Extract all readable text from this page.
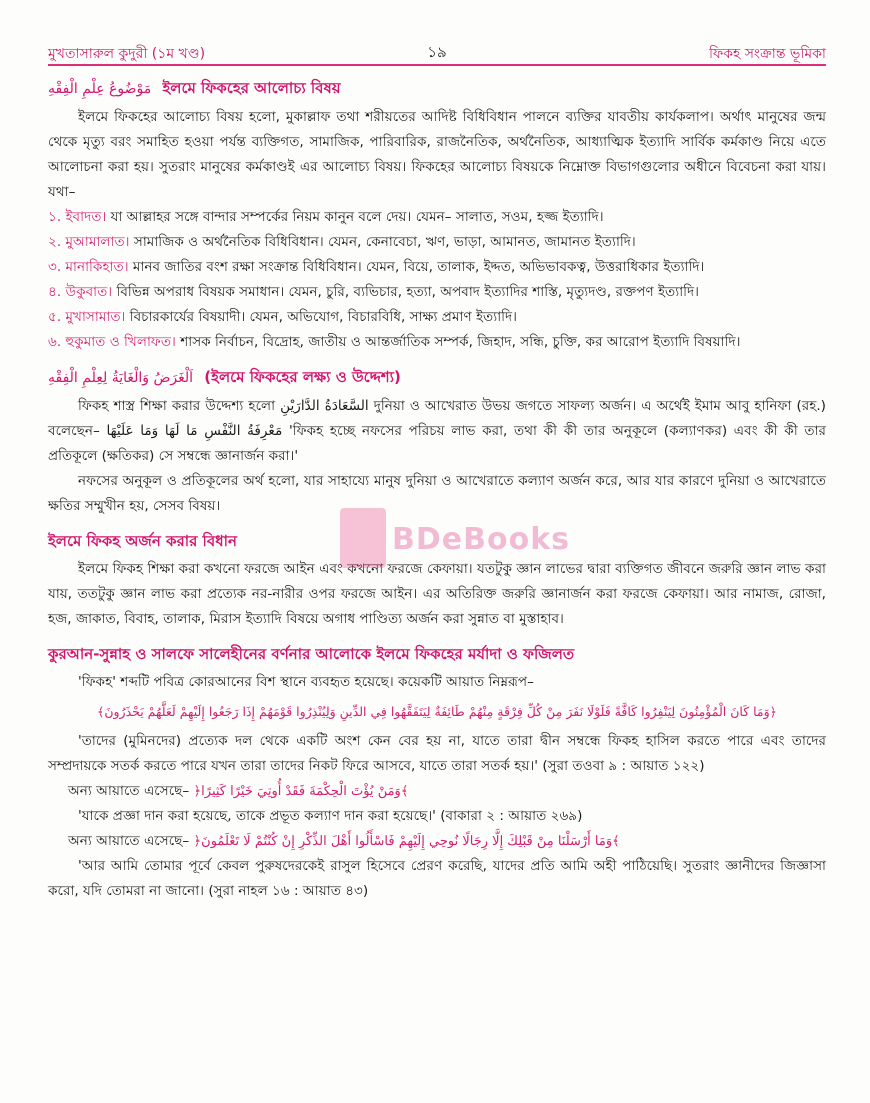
মুখতাসারুল কুদুরী (১ম খণ্ড)	১৯	ফিকহ সংক্রান্ত ভূমিকা
مَوْضُوعُ عِلْمِ الْفِقْهِ ইলমে ফিকহের আলোচ্য বিষয়

ইলমে ফিকহের আলোচ্য বিষয় হলো, মুকাল্লাফ তথা শরীয়তের আদিষ্ট বিধিবিধান পালনে ব্যক্তির যাবতীয় কার্যকলাপ। অর্থাৎ মানুষের জন্ম থেকে মৃত্যু বরং সমাহিত হওয়া পর্যন্ত ব্যক্তিগত, সামাজিক, পারিবারিক, রাজনৈতিক, অর্থনৈতিক, আধ্যাত্মিক ইত্যাদি সার্বিক কর্মকাণ্ড নিয়ে এতে আলোচনা করা হয়। সুতরাং মানুষের কর্মকাণ্ডই এর আলোচ্য বিষয়। ফিকহের আলোচ্য বিষয়কে নিম্নোক্ত বিভাগগুলোর অধীনে বিবেচনা করা যায়। যথা–

১. ইবাদত। যা আল্লাহর সঙ্গে বান্দার সম্পর্কের নিয়ম কানুন বলে দেয়। যেমন– সালাত, সওম, হজ্জ ইত্যাদি।
২. মুআমালাত। সামাজিক ও অর্থনৈতিক বিধিবিধান। যেমন, কেনাবেচা, ঋণ, ভাড়া, আমানত, জামানত ইত্যাদি।
৩. মানাকিহাত। মানব জাতির বংশ রক্ষা সংক্রান্ত বিধিবিধান। যেমন, বিয়ে, তালাক, ইদ্দত, অভিভাবকত্ব, উত্তরাধিকার ইত্যাদি।
৪. উকুবাত। বিভিন্ন অপরাধ বিষয়ক সমাধান। যেমন, চুরি, ব্যভিচার, হত্যা, অপবাদ ইত্যাদির শাস্তি, মৃত্যুদণ্ড, রক্তপণ ইত্যাদি।
৫. মুখাসামাত। বিচারকার্যের বিষয়াদী। যেমন, অভিযোগ, বিচারবিধি, সাক্ষ্য প্রমাণ ইত্যাদি।
৬. হুকুমাত ও খিলাফত। শাসক নির্বাচন, বিদ্রোহ, জাতীয় ও আন্তর্জাতিক সম্পর্ক, জিহাদ, সন্ধি, চুক্তি, কর আরোপ ইত্যাদি বিষয়াদি।
اَلْغَرَضُ وَالْغَايَةُ لِعِلْمِ الْفِقْهِ (ইলমে ফিকহের লক্ষ্য ও উদ্দেশ্য)

ফিকহ শাস্ত্র শিক্ষা করার উদ্দেশ্য হলো السَّعَادَةُ الدَّارَيْنِ দুনিয়া ও আখেরাত উভয় জগতে সাফল্য অর্জন। এ অর্থেই ইমাম আবু হানিফা (রহ.) বলেছেন– مَعْرِفَةُ النَّفْسِ مَا لَهَا وَمَا عَلَيْهَا 'ফিকহ হচ্ছে নফসের পরিচয় লাভ করা, তথা কী কী তার অনুকূলে (কল্যাণকর) এবং কী কী তার প্রতিকূলে (ক্ষতিকর) সে সম্বন্ধে জ্ঞানার্জন করা।'

নফসের অনুকূল ও প্রতিকূলের অর্থ হলো, যার সাহায্যে মানুষ দুনিয়া ও আখেরাতে কল্যাণ অর্জন করে, আর যার কারণে দুনিয়া ও আখেরাতে ক্ষতির সম্মুখীন হয়, সেসব বিষয়।

ইলমে ফিকহ অর্জন করার বিধান

ইলমে ফিকহ শিক্ষা করা কখনো ফরজে আইন এবং কখনো ফরজে কেফায়া। যতটুকু জ্ঞান লাভের দ্বারা ব্যক্তিগত জীবনে জরুরি জ্ঞান লাভ করা যায়, ততটুকু জ্ঞান লাভ করা প্রত্যেক নর-নারীর ওপর ফরজে আইন। এর অতিরিক্ত জরুরি জ্ঞানার্জন করা ফরজে কেফায়া। আর নামাজ, রোজা, হজ, জাকাত, বিবাহ, তালাক, মিরাস ইত্যাদি বিষয়ে অগাধ পাণ্ডিত্য অর্জন করা সুন্নাত বা মুস্তাহাব।

কুরআন-সুন্নাহ ও সালফে সালেহীনের বর্ণনার আলোকে ইলমে ফিকহের মর্যাদা ও ফজিলত

'ফিকহ' শব্দটি পবিত্র কোরআনের বিশ স্থানে ব্যবহৃত হয়েছে। কয়েকটি আয়াত নিম্নরূপ–

﴿وَمَا كَانَ الْمُؤْمِنُونَ لِيَنْفِرُوا كَافَّةً فَلَوْلَا نَفَرَ مِنْ كُلِّ فِرْقَةٍ مِنْهُمْ طَائِفَةٌ لِيَتَفَقَّهُوا فِي الدِّينِ وَلِيُنْذِرُوا قَوْمَهُمْ إِذَا رَجَعُوا إِلَيْهِمْ لَعَلَّهُمْ يَحْذَرُونَ﴾

'তাদের (মুমিনদের) প্রত্যেক দল থেকে একটি অংশ কেন বের হয় না, যাতে তারা দ্বীন সম্বন্ধে ফিকহ হাসিল করতে পারে এবং তাদের সম্প্রদায়কে সতর্ক করতে পারে যখন তারা তাদের নিকট ফিরে আসবে, যাতে তারা সতর্ক হয়।' (সুরা তওবা ৯ : আয়াত ১২২)

অন্য আয়াতে এসেছে– ﴿وَمَنْ يُؤْتَ الْحِكْمَةَ فَقَدْ أُوتِيَ خَيْرًا كَثِيرًا﴾

'যাকে প্রজ্ঞা দান করা হয়েছে, তাকে প্রভূত কল্যাণ দান করা হয়েছে।' (বাকারা ২ : আয়াত ২৬৯)

অন্য আয়াতে এসেছে– ﴿وَمَا أَرْسَلْنَا مِنْ قَبْلِكَ إِلَّا رِجَالًا نُوحِي إِلَيْهِمْ فَاسْأَلُوا أَهْلَ الذِّكْرِ إِنْ كُنْتُمْ لَا تَعْلَمُونَ﴾

'আর আমি তোমার পূর্বে কেবল পুরুষদেরকেই রাসুল হিসেবে প্রেরণ করেছি, যাদের প্রতি আমি অহী পাঠিয়েছি। সুতরাং জ্ঞানীদের জিজ্ঞাসা করো, যদি তোমরা না জানো। (সুরা নাহল ১৬ : আয়াত ৪৩)

BDeBooks
